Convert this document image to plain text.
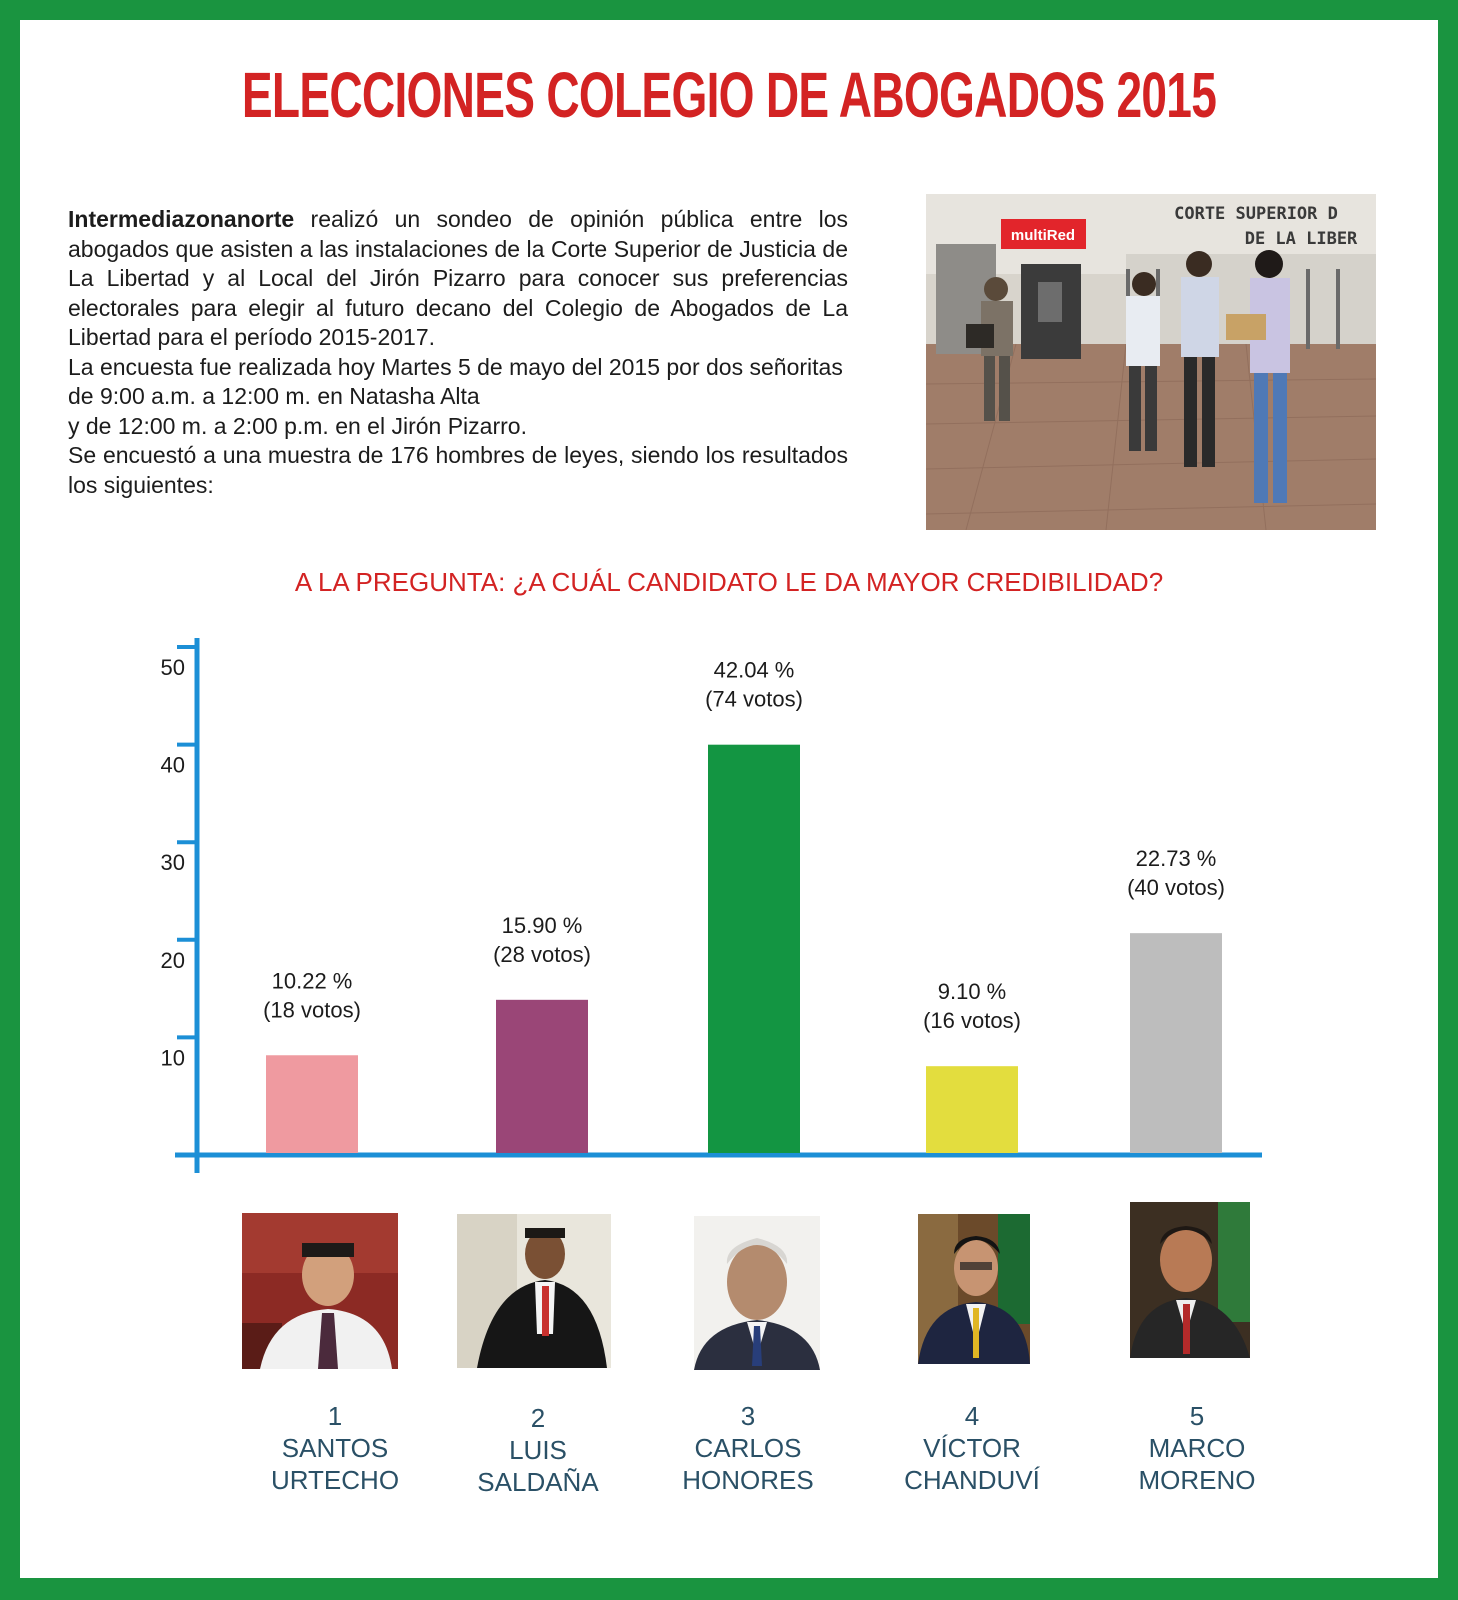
ELECCIONES COLEGIO DE ABOGADOS 2015

Intermediazonanorte realizó un sondeo de opinión pública entre los abogados que asisten a las instalaciones de la Corte Superior de Justicia de La Libertad y al Local del Jirón Pizarro para conocer sus preferencias electorales para elegir al futuro decano del Colegio de Abogados de La Libertad para el período 2015-2017.

La encuesta fue realizada hoy Martes 5 de mayo del 2015 por dos señoritas de 9:00 a.m. a 12:00 m. en Natasha Alta

y de 12:00 m. a 2:00 p.m. en el Jirón Pizarro.

Se encuestó a una muestra de 176 hombres de leyes, siendo los resultados los siguientes:

multiRed
CORTE SUPERIOR D
DE LA LIBER
A LA PREGUNTA: ¿A CUÁL CANDIDATO LE DA MAYOR CREDIBILIDAD?
10
20
30
40
50
10.22 %
(18 votos)
15.90 %
(28 votos)
42.04 %
(74 votos)
9.10 %
(16 votos)
22.73 %
(40 votos)
1
SANTOS
URTECHO
2
LUIS
SALDAÑA
3
CARLOS
HONORES
4
VÍCTOR
CHANDUVÍ
5
MARCO
MORENO
